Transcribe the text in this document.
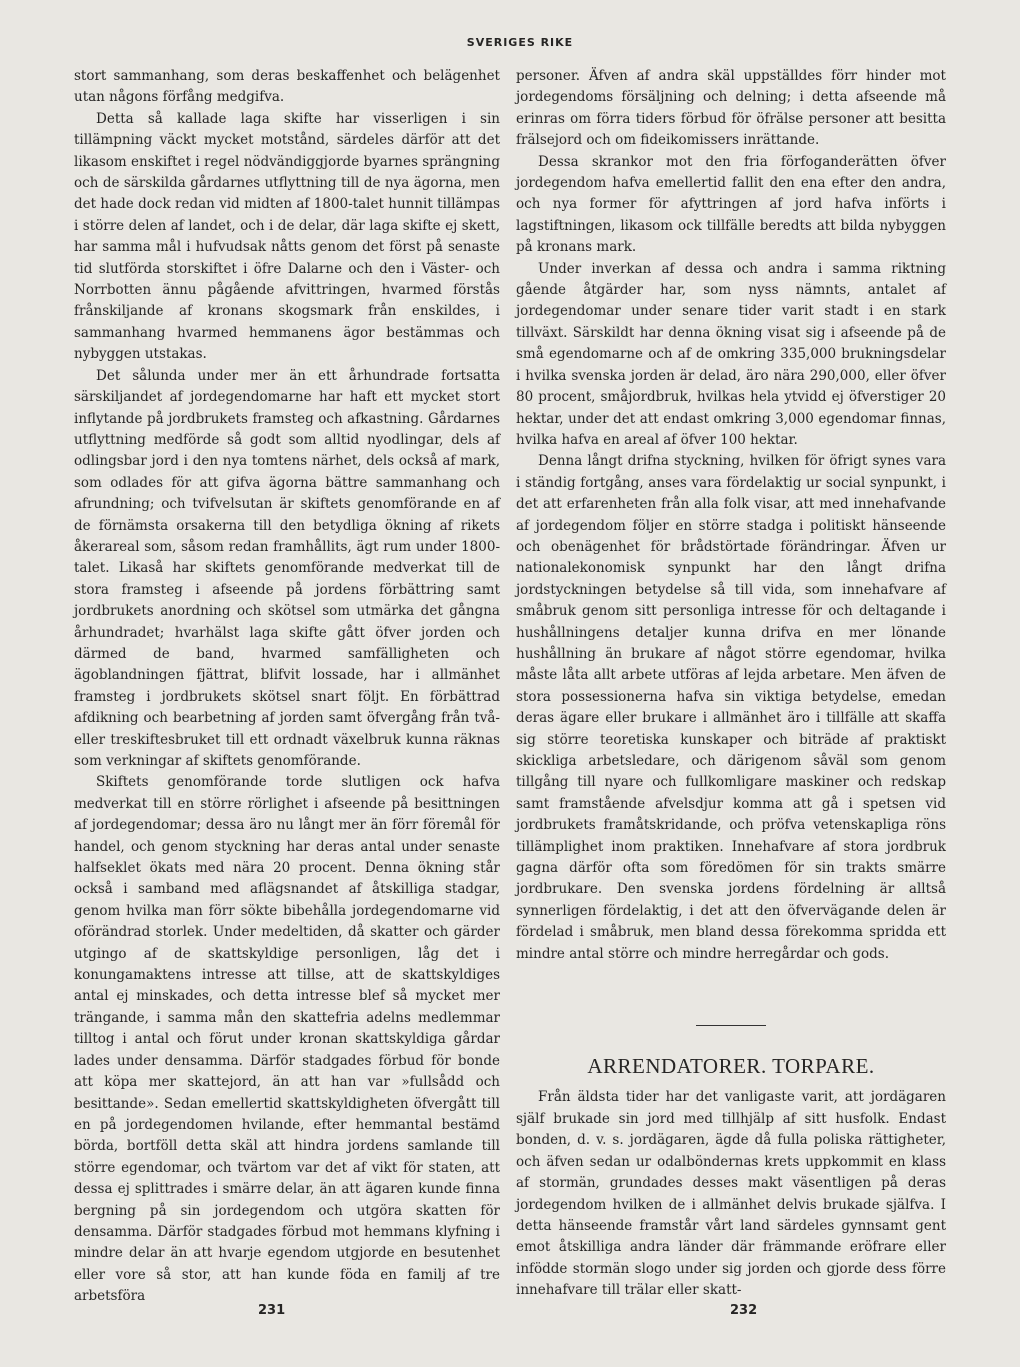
SVERIGES RIKE

stort sammanhang, som deras beskaffenhet och belägenhet utan någons förfång medgifva.

Detta så kallade laga skifte har visserligen i sin tillämpning väckt mycket motstånd, särdeles därför att det likasom enskiftet i regel nödvändiggjorde byarnes sprängning och de särskilda gårdarnes utflyttning till de nya ägorna, men det hade dock redan vid midten af 1800-talet hunnit tillämpas i större delen af landet, och i de delar, där laga skifte ej skett, har samma mål i hufvudsak nåtts genom det först på senaste tid slutförda storskiftet i öfre Dalarne och den i Väster- och Norrbotten ännu pågående afvittringen, hvarmed förstås frånskiljande af kronans skogsmark från enskildes, i sammanhang hvarmed hemmanens ägor bestämmas och nybyggen utstakas.

Det sålunda under mer än ett århundrade fortsatta särskiljandet af jordegendomarne har haft ett mycket stort inflytande på jordbrukets framsteg och afkastning. Gårdarnes utflyttning medförde så godt som alltid nyodlingar, dels af odlingsbar jord i den nya tomtens närhet, dels också af mark, som odlades för att gifva ägorna bättre sammanhang och afrundning; och tvifvelsutan är skiftets genomförande en af de förnämsta orsakerna till den betydliga ökning af rikets åkerareal som, såsom redan framhållits, ägt rum under 1800-talet. Likaså har skiftets genomförande medverkat till de stora framsteg i afseende på jordens förbättring samt jordbrukets anordning och skötsel som utmärka det gångna århundradet; hvarhälst laga skifte gått öfver jorden och därmed de band, hvarmed samfälligheten och ägoblandningen fjättrat, blifvit lossade, har i allmänhet framsteg i jordbrukets skötsel snart följt. En förbättrad afdikning och bearbetning af jorden samt öfvergång från två- eller treskiftesbruket till ett ordnadt växelbruk kunna räknas som verkningar af skiftets genomförande.

Skiftets genomförande torde slutligen ock hafva medverkat till en större rörlighet i afseende på besittningen af jordegendomar; dessa äro nu långt mer än förr föremål för handel, och genom styckning har deras antal under senaste halfseklet ökats med nära 20 procent. Denna ökning står också i samband med aflägsnandet af åtskilliga stadgar, genom hvilka man förr sökte bibehålla jordegendomarne vid oförändrad storlek. Under medeltiden, då skatter och gärder utgingo af de skattskyldige personligen, låg det i konungamaktens intresse att tillse, att de skattskyldiges antal ej minskades, och detta intresse blef så mycket mer trängande, i samma mån den skattefria adelns medlemmar tilltog i antal och förut under kronan skattskyldiga gårdar lades under densamma. Därför stadgades förbud för bonde att köpa mer skattejord, än att han var »fullsådd och besittande». Sedan emellertid skattskyldigheten öfvergått till en på jordegendomen hvilande, efter hemmantal bestämd börda, bortföll detta skäl att hindra jordens samlande till större egendomar, och tvärtom var det af vikt för staten, att dessa ej splittrades i smärre delar, än att ägaren kunde finna bergning på sin jordegendom och utgöra skatten för densamma. Därför stadgades förbud mot hemmans klyfning i mindre delar än att hvarje egendom utgjorde en besutenhet eller vore så stor, att han kunde föda en familj af tre arbetsföra

personer. Äfven af andra skäl uppställdes förr hinder mot jordegendoms försäljning och delning; i detta afseende må erinras om förra tiders förbud för öfrälse personer att besitta frälsejord och om fideikomissers inrättande.

Dessa skrankor mot den fria förfoganderätten öfver jordegendom hafva emellertid fallit den ena efter den andra, och nya former för afyttringen af jord hafva införts i lagstiftningen, likasom ock tillfälle beredts att bilda nybyggen på kronans mark.

Under inverkan af dessa och andra i samma riktning gående åtgärder har, som nyss nämnts, antalet af jordegendomar under senare tider varit stadt i en stark tillväxt. Särskildt har denna ökning visat sig i afseende på de små egendomarne och af de omkring 335,000 brukningsdelar i hvilka svenska jorden är delad, äro nära 290,000, eller öfver 80 procent, småjordbruk, hvilkas hela ytvidd ej öfverstiger 20 hektar, under det att endast omkring 3,000 egendomar finnas, hvilka hafva en areal af öfver 100 hektar.

Denna långt drifna styckning, hvilken för öfrigt synes vara i ständig fortgång, anses vara fördelaktig ur social synpunkt, i det att erfarenheten från alla folk visar, att med innehafvande af jordegendom följer en större stadga i politiskt hänseende och obenägenhet för brådstörtade förändringar. Äfven ur nationalekonomisk synpunkt har den långt drifna jordstyckningen betydelse så till vida, som innehafvare af småbruk genom sitt personliga intresse för och deltagande i hushållningens detaljer kunna drifva en mer lönande hushållning än brukare af något större egendomar, hvilka måste låta allt arbete utföras af lejda arbetare. Men äfven de stora possessionerna hafva sin viktiga betydelse, emedan deras ägare eller brukare i allmänhet äro i tillfälle att skaffa sig större teoretiska kunskaper och biträde af praktiskt skickliga arbetsledare, och därigenom såväl som genom tillgång till nyare och fullkomligare maskiner och redskap samt framstående afvelsdjur komma att gå i spetsen vid jordbrukets framåtskridande, och pröfva vetenskapliga röns tillämplighet inom praktiken. Innehafvare af stora jordbruk gagna därför ofta som föredömen för sin trakts smärre jordbrukare. Den svenska jordens fördelning är alltså synnerligen fördelaktig, i det att den öfvervägande delen är fördelad i småbruk, men bland dessa förekomma spridda ett mindre antal större och mindre herregårdar och gods.

ARRENDATORER. TORPARE.

Från äldsta tider har det vanligaste varit, att jordägaren själf brukade sin jord med tillhjälp af sitt husfolk. Endast bonden, d. v. s. jordägaren, ägde då fulla poliska rättigheter, och äfven sedan ur odalböndernas krets uppkommit en klass af stormän, grundades desses makt väsentligen på deras jordegendom hvilken de i allmänhet delvis brukade själfva. I detta hänseende framstår vårt land särdeles gynnsamt gent emot åtskilliga andra länder där främmande eröfrare eller infödde stormän slogo under sig jorden och gjorde dess förre innehafvare till trälar eller skatt-

231	232
